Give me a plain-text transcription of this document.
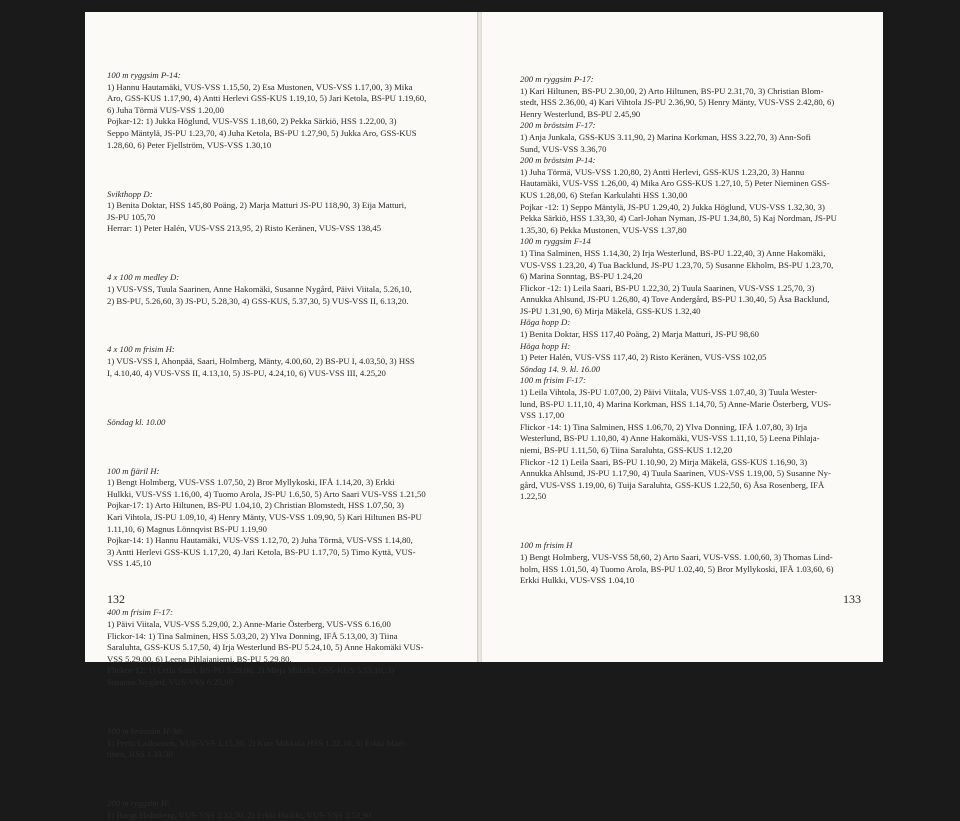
100 m ryggsim P-14:

1) Hannu Hautamäki, VUS-VSS 1.15,50, 2) Esa Mustonen, VUS-VSS 1.17,00, 3) Mika

Aro, GSS-KUS 1.17,90, 4) Antti Herlevi GSS-KUS 1.19,10, 5) Jari Ketola, BS-PU 1.19,60,

6) Juha Törmä VUS-VSS 1.20,00

Pojkar-12: 1) Jukka Höglund, VUS-VSS 1.18,60, 2) Pekka Särkiö, HSS 1.22,00, 3)

Seppo Mäntylä, JS-PU 1.23,70, 4) Juha Ketola, BS-PU 1.27,90, 5) Jukka Aro, GSS-KUS

1.28,60, 6) Peter Fjellström, VUS-VSS 1.30,10

Svikthopp D:

1) Benita Doktar, HSS 145,80 Poäng, 2) Marja Matturi JS-PU 118,90, 3) Eija Matturi,

JS-PU 105,70

Herrar: 1) Peter Halén, VUS-VSS 213,95, 2) Risto Keränen, VUS-VSS 138,45

4 x 100 m medley D:

1) VUS-VSS, Tuula Saarinen, Anne Hakomäki, Susanne Nygård, Päivi Viitala, 5.26,10,

2) BS-PU, 5.26,60, 3) JS-PU, 5.28,30, 4) GSS-KUS, 5.37,30, 5) VUS-VSS II, 6.13,20.

4 x 100 m frisim H:

1) VUS-VSS I, Ahonpää, Saari, Holmberg, Mänty, 4.00,60, 2) BS-PU I, 4.03,50, 3) HSS

I, 4.10,40, 4) VUS-VSS II, 4.13,10, 5) JS-PU, 4.24,10, 6) VUS-VSS III, 4.25,20

Söndag kl. 10.00

100 m fjäril H:

1) Bengt Holmberg, VUS-VSS 1.07,50, 2) Bror Myllykoski, IFÅ 1.14,20, 3) Erkki

Hulkki, VUS-VSS 1.16,00, 4) Tuomo Arola, JS-PU 1.6,50, 5) Arto Saari VUS-VSS 1.21,50

Pojkar-17: 1) Arto Hiltunen, BS-PU 1.04,10, 2) Christian Blomstedt, HSS 1.07,50, 3)

Kari Vihtola, JS-PU 1.09,10, 4) Henry Mänty, VUS-VSS 1.09,90, 5) Kari Hiltunen BS-PU

1.11,10, 6) Magnus Lönnqvist BS-PU 1.19,90

Pojkar-14: 1) Hannu Hautamäki, VUS-VSS 1.12,70, 2) Juha Törmä, VUS-VSS 1.14,80,

3) Antti Herlevi GSS-KUS 1.17,20, 4) Jari Ketola, BS-PU 1.17,70, 5) Timo Kyttä, VUS-

VSS 1.45,10

400 m frisim F-17:

1) Päivi Viitala, VUS-VSS 5.29,00, 2.) Anne-Marie Österberg, VUS-VSS 6.16,00

Flickor-14: 1) Tina Salminen, HSS 5.03,20, 2) Ylva Donning, IFÅ 5.13,00, 3) Tiina

Saraluhta, GSS-KUS 5.17,50, 4) Irja Westerlund BS-PU 5.24,10, 5) Anne Hakomäki VUS-

VSS 5.29,00, 6) Leena Pihlajaniemi, BS-PU 5.29,80.

Flickor-12: 1) Leila Saari, BS-PU 5.29,00, 2) Mirja Mäkelä, GSS-KUS 5.53,10, 3)

Susanne Nygård, VUS-VSS 6.25,90

100 m bröstsim H-30:

1) Pertti Laaksonen, VUS-VSS 1.15,30, 2) Kurt Mikkola HSS 1.22,10, 3) Erkki Mart-

tinen, HSS 1.33,30

200 m ryggsim H:

1) Bengt Holmberg, VUS-VSS 2.32,70, 2) Erkki Hulkki, VUS-VSS 2.53,90

132

200 m ryggsim P-17:

1) Kari Hiltunen, BS-PU 2.30,00, 2) Arto Hiltunen, BS-PU 2.31,70, 3) Christian Blom-

stedt, HSS 2.36,00, 4) Kari Vihtola JS-PU 2.36,90, 5) Henry Mänty, VUS-VSS 2.42,80, 6)

Henry Westerlund, BS-PU 2.45,90

200 m bröstsim F-17:

1) Anja Junkala, GSS-KUS 3.11,90, 2) Marina Korkman, HSS 3.22,70, 3) Ann-Sofi

Sund, VUS-VSS 3.36,70

200 m bröstsim P-14:

1) Juha Törmä, VUS-VSS 1.20,80, 2) Antti Herlevi, GSS-KUS 1.23,20, 3) Hannu

Hautamäki, VUS-VSS 1.26,00, 4) Mika Aro GSS-KUS 1.27,10, 5) Peter Nieminen GSS-

KUS 1.28,00, 6) Stefan Karkulahti HSS 1.30,00

Pojkar -12: 1) Seppo Mäntylä, JS-PU 1.29,40, 2) Jukka Höglund, VUS-VSS 1.32,30, 3)

Pekka Särkiö, HSS 1.33,30, 4) Carl-Johan Nyman, JS-PU 1.34,80, 5) Kaj Nordman, JS-PU

1.35,30, 6) Pekka Mustonen, VUS-VSS 1.37,80

100 m ryggsim F-14

1) Tina Salminen, HSS 1.14,30, 2) Irja Westerlund, BS-PU 1.22,40, 3) Anne Hakomäki,

VUS-VSS 1.23,20, 4) Tua Backlund, JS-PU 1.23,70, 5) Susanne Ekholm, BS-PU 1.23,70,

6) Marina Sonntag, BS-PU 1.24,20

Flickor -12: 1) Leila Saari, BS-PU 1.22,30, 2) Tuula Saarinen, VUS-VSS 1.25,70, 3)

Annukka Ahlsund, JS-PU 1.26,80, 4) Tove Andergård, BS-PU 1.30,40, 5) Åsa Backlund,

JS-PU 1.31,90, 6) Mirja Mäkelä, GSS-KUS 1.32,40

Höga hopp D:

1) Benita Doktar, HSS 117,40 Poäng, 2) Marja Matturi, JS-PU 98,60

Höga hopp H:

1) Peter Halén, VUS-VSS 117,40, 2) Risto Keränen, VUS-VSS 102,05

Söndag 14. 9. kl. 16.00

100 m frisim F-17:

1) Leila Vihtola, JS-PU 1.07,00, 2) Päivi Viitala, VUS-VSS 1.07,40, 3) Tuula Wester-

lund, BS-PU 1.11,10, 4) Marina Korkman, HSS 1.14,70, 5) Anne-Marie Österberg, VUS-

VSS 1.17,00

Flickor -14: 1) Tina Salminen, HSS 1.06,70, 2) Ylva Donning, IFÅ 1.07,80, 3) Irja

Westerlund, BS-PU 1.10,80, 4) Anne Hakomäki, VUS-VSS 1.11,10, 5) Leena Pihlaja-

niemi, BS-PU 1.11,50, 6) Tiina Saraluhta, GSS-KUS 1.12,20

Flickor -12 1) Leila Saari, BS-PU 1.10,90, 2) Mirja Mäkelä, GSS-KUS 1.16,90, 3)

Annukka Ahlsund, JS-PU 1.17,90, 4) Tuula Saarinen, VUS-VSS 1.19,00, 5) Susanne Ny-

gård, VUS-VSS 1.19,00, 6) Tuija Saraluhta, GSS-KUS 1.22,50, 6) Åsa Rosenberg, IFÅ

1.22,50

100 m frisim H

1) Bengt Holmberg, VUS-VSS 58,60, 2) Arto Saari, VUS-VSS. 1.00,60, 3) Thomas Lind-

holm, HSS 1.01,50, 4) Tuomo Arola, BS-PU 1.02,40, 5) Bror Myllykoski, IFÅ 1.03,60, 6)

Erkki Hulkki, VUS-VSS 1.04,10

133
